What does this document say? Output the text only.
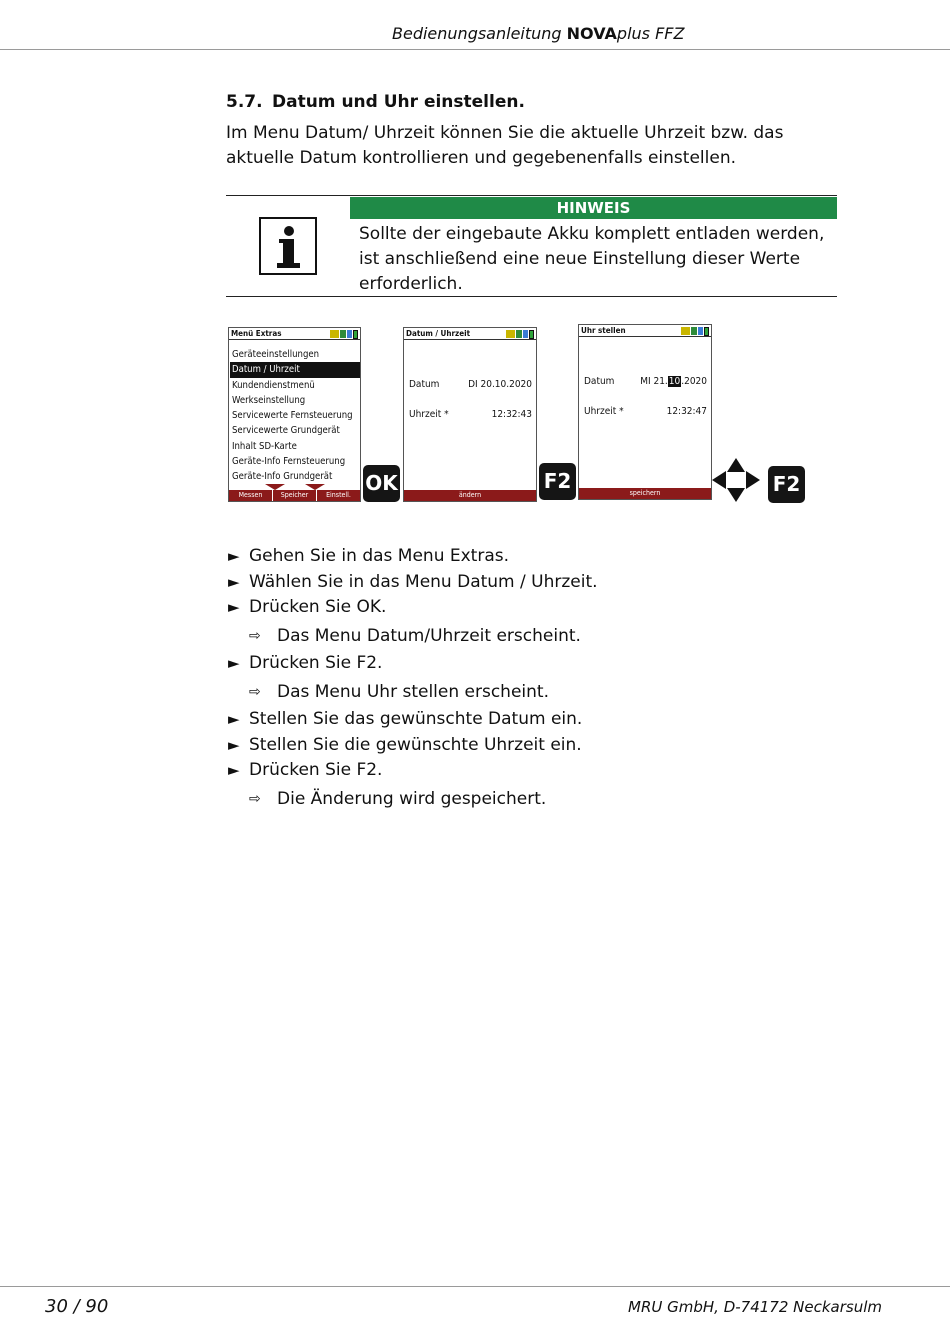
Bedienungsanleitung NOVAplus FFZ
5.7. Datum und Uhr einstellen.
Im Menu Datum/ Uhrzeit können Sie die aktuelle Uhrzeit bzw. das aktuelle Datum kontrollieren und gegebenenfalls einstellen.
HINWEIS
Sollte der eingebaute Akku komplett entladen werden, ist anschließend eine neue Einstellung dieser Werte erforderlich.
Menü Extras
Geräteeinstellungen
Datum / Uhrzeit
Kundendienstmenü
Werkseinstellung
Servicewerte Fernsteuerung
Servicewerte Grundgerät
Inhalt SD-Karte
Geräte-Info Fernsteuerung
Geräte-Info Grundgerät
Messen	Speicher	Einstell. OK
Datum / Uhrzeit
Datum	DI 20.10.2020
Uhrzeit *	12:32:43
ändern
F2
Uhr stellen
Datum	MI 21.10.2020
Uhrzeit *	12:32:47
speichern	F2
► Gehen Sie in das Menu Extras.
► Wählen Sie in das Menu Datum / Uhrzeit.
► Drücken Sie OK.
⇨ Das Menu Datum/Uhrzeit erscheint.
► Drücken Sie F2.
⇨ Das Menu Uhr stellen erscheint.
► Stellen Sie das gewünschte Datum ein.
► Stellen Sie die gewünschte Uhrzeit ein.
► Drücken Sie F2.
⇨ Die Änderung wird gespeichert.
30 / 90	MRU GmbH, D-74172 Neckarsulm
